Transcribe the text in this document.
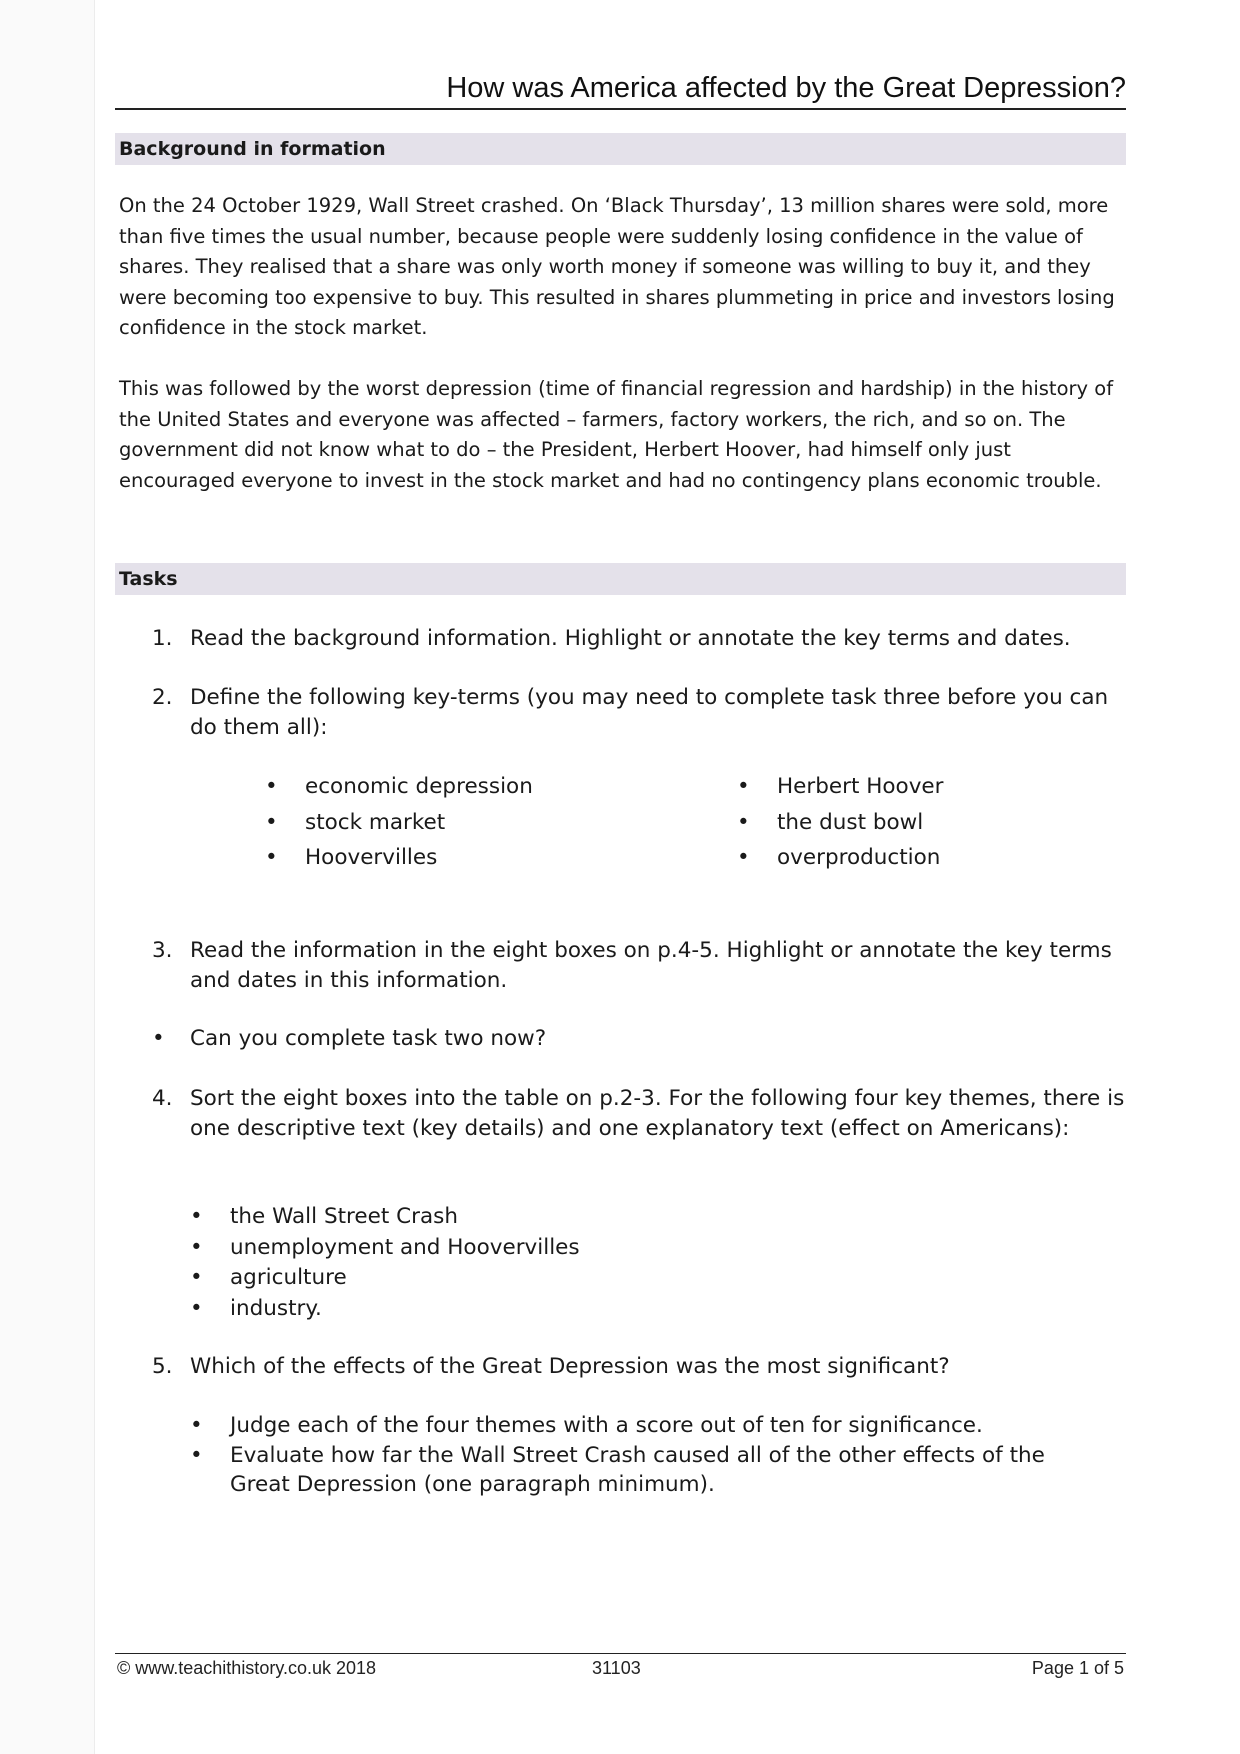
How was America affected by the Great Depression?
Background in formation

On the 24 October 1929, Wall Street crashed. On ‘Black Thursday’, 13 million shares were sold, more than five times the usual number, because people were suddenly losing confidence in the value of shares. They realised that a share was only worth money if someone was willing to buy it, and they were becoming too expensive to buy. This resulted in shares plummeting in price and investors losing confidence in the stock market.

This was followed by the worst depression (time of financial regression and hardship) in the history of the United States and everyone was affected – farmers, factory workers, the rich, and so on. The government did not know what to do – the President, Herbert Hoover, had himself only just encouraged everyone to invest in the stock market and had no contingency plans economic trouble.

Tasks
1. Read the background information. Highlight or annotate the key terms and dates.
2. Define the following key-terms (you may need to complete task three before you can do them all):
•	economic depression
•	stock market
•	Hoovervilles
•	Herbert Hoover
•	the dust bowl
•	overproduction
3. Read the information in the eight boxes on p.4-5. Highlight or annotate the key terms and dates in this information.
•	Can you complete task two now?
4. Sort the eight boxes into the table on p.2-3. For the following four key themes, there is one descriptive text (key details) and one explanatory text (effect on Americans):
•	the Wall Street Crash
•	unemployment and Hoovervilles
•	agriculture
•	industry.
5. Which of the effects of the Great Depression was the most significant?
•	Judge each of the four themes with a score out of ten for significance.
•	Evaluate how far the Wall Street Crash caused all of the other effects of the Great Depression (one paragraph minimum).
© www.teachithistory.co.uk 2018	31103	Page 1 of 5
